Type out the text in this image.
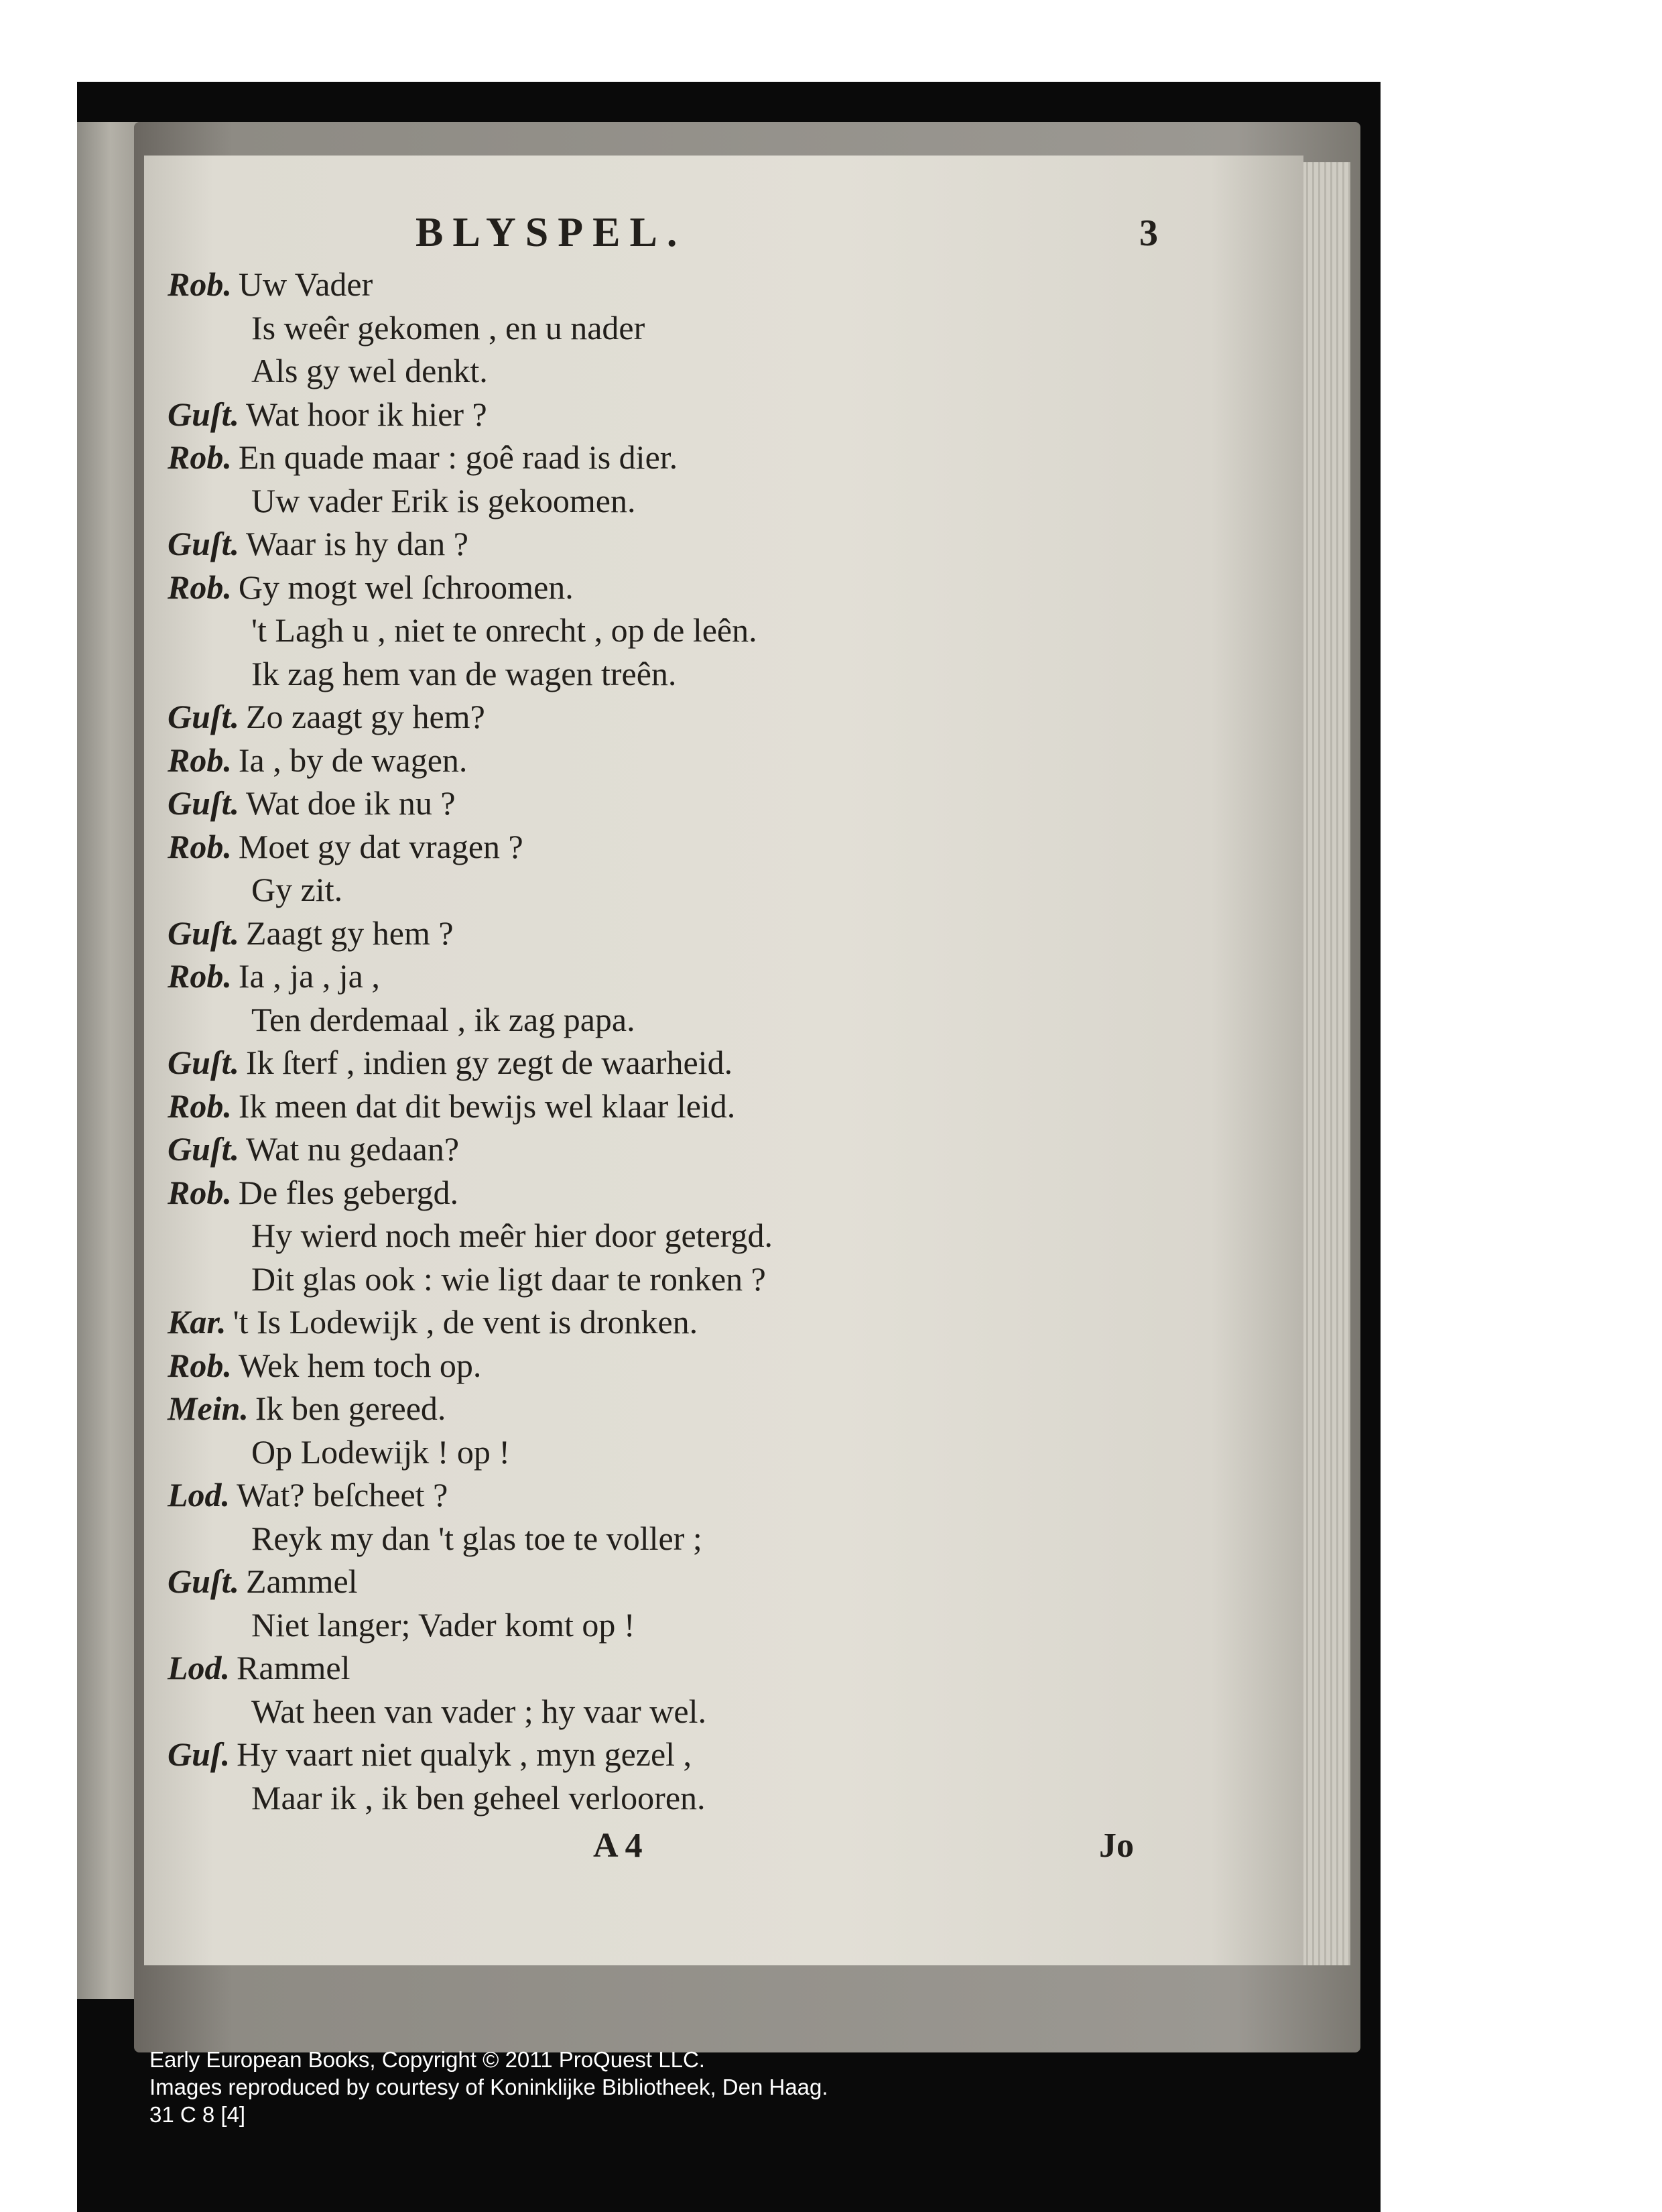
BLYSPEL.	3
Rob. Uw Vader
Is weêr gekomen , en u nader
Als gy wel denkt.
Guſt. Wat hoor ik hier ?
Rob. En quade maar : goê raad is dier.
Uw vader Erik is gekoomen.
Guſt. Waar is hy dan ?
Rob. Gy mogt wel ſchroomen.
't Lagh u , niet te onrecht , op de leên.
Ik zag hem van de wagen treên.
Guſt. Zo zaagt gy hem?
Rob. Ia , by de wagen.
Guſt. Wat doe ik nu ?
Rob. Moet gy dat vragen ?
Gy zit.
Guſt. Zaagt gy hem ?
Rob. Ia , ja , ja ,
Ten derdemaal , ik zag papa.
Guſt. Ik ſterf , indien gy zegt de waarheid.
Rob. Ik meen dat dit bewijs wel klaar leid.
Guſt. Wat nu gedaan?
Rob. De fles gebergd.
Hy wierd noch meêr hier door getergd.
Dit glas ook : wie ligt daar te ronken ?
Kar. 't Is Lodewijk , de vent is dronken.
Rob. Wek hem toch op.
Mein. Ik ben gereed.
Op Lodewijk ! op !
Lod. Wat? beſcheet ?
Reyk my dan 't glas toe te voller ;
Guſt. Zammel
Niet langer; Vader komt op !
Lod. Rammel
Wat heen van vader ; hy vaar wel.
Guſ. Hy vaart niet qualyk , myn gezel ,
Maar ik , ik ben geheel verlooren.
A 4	Jo
Early European Books, Copyright © 2011 ProQuest LLC.
Images reproduced by courtesy of Koninklijke Bibliotheek, Den Haag.
31 C 8 [4]
